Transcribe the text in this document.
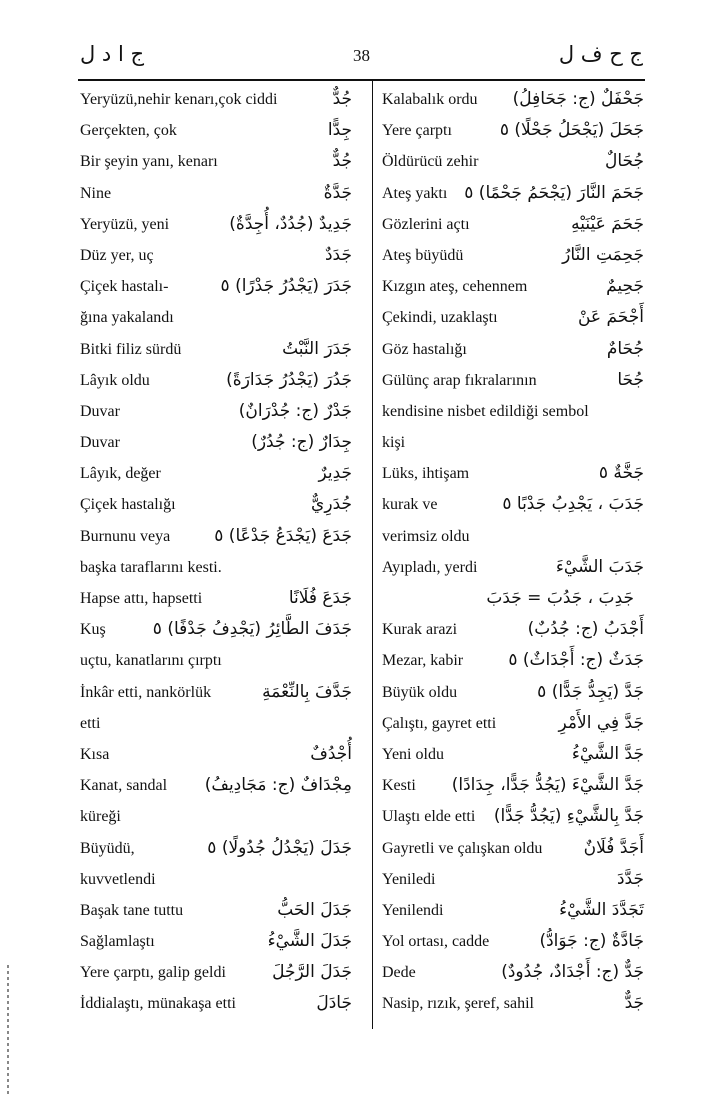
ج ا د ل	38	ج ح ف ل
Yeryüzü,nehir kenarı,çok ciddi	جُدٌّ
Gerçekten, çok	جِدًّا
Bir şeyin yanı, kenarı	جُدٌّ
Nine	جَدَّةٌ
Yeryüzü, yeni	جَدِيدٌ (جُدُدٌ، أُجِدَّةٌ)
Düz yer, uç	جَدَدٌ
Çiçek hastalı-	جَدَرَ (يَجْدُرُ جَدْرًا) ٥
ğına yakalandı
Bitki filiz sürdü	جَدَرَ النَّبْتُ
Lâyık oldu	جَدُرَ (يَجْدُرُ جَدَارَةً)
Duvar	جَدْرٌ (ج: جُدْرَانٌ)
Duvar	جِدَارٌ (ج: جُدُرٌ)
Lâyık, değer	جَدِيرٌ
Çiçek hastalığı	جُدَرِيٌّ
Burnunu veya	جَدَعَ (يَجْدَعُ جَدْعًا) ٥
başka taraflarını kesti.
Hapse attı, hapsetti	جَدَعَ فُلَانًا
Kuş	جَدَفَ الطَّائِرُ (يَجْدِفُ جَدْفًا) ٥
uçtu, kanatlarını çırptı
İnkâr etti, nankörlük	جَدَّفَ بِالنِّعْمَةِ
etti
Kısa	أُجْدُفٌ
Kanat, sandal مِجْدَافٌ (ج: مَجَادِيفُ)
küreği
Büyüdü,	جَدَلَ (يَجْدُلُ جُدُولًا) ٥
kuvvetlendi
Başak tane tuttu	جَدَلَ الحَبُّ
Sağlamlaştı	جَدَلَ الشَّيْءُ
Yere çarptı, galip geldi	جَدَلَ الرَّجُلَ
İddialaştı, münakaşa etti	جَادَلَ
Kalabalık ordu جَحْفَلٌ (ج: جَحَافِلُ)
Yere çarptı	جَحَلَ (يَجْحَلُ جَحْلًا) ٥
Öldürücü zehir	جُحَالٌ
Ateş yaktı جَحَمَ النَّارَ (يَجْحَمُ جَحْمًا) ٥
Gözlerini açtı	جَحَمَ عَيْنَيْهِ
Ateş büyüdü	جَحِمَتِ النَّارُ
Kızgın ateş, cehennem	جَحِيمٌ
Çekindi, uzaklaştı	أَجْحَمَ عَنْ
Göz hastalığı	جُحَامٌ
Gülünç arap fıkralarının	جُحَا
kendisine nisbet edildiği sembol
kişi
Lüks, ihtişam	جَخَّةٌ ٥
kurak ve	جَدَبَ ، يَجْدِبُ جَدْبًا ٥
verimsiz oldu
Ayıpladı, yerdi	جَدَبَ الشَّيْءَ
جَدِبَ ، جَدُبَ = جَدَبَ
Kurak arazi	أَجْدَبُ (ج: جُدُبٌ)
Mezar, kabir	جَدَثٌ (ج: أَجْدَاثٌ) ٥
Büyük oldu	جَدَّ (يَجِدُّ جَدًّا) ٥
Çalıştı, gayret etti	جَدَّ فِي الأَمْرِ
Yeni oldu	جَدَّ الشَّيْءُ
Kesti جَدَّ الشَّيْءَ (يَجُدُّ جَدًّا، جِدَادًا)
Ulaştı elde etti جَدَّ بِالشَّيْءِ (يَجُدُّ جَدًّا)
Gayretli ve çalışkan oldu أَجَدَّ فُلَانٌ
Yeniledi	جَدَّدَ
Yenilendi	تَجَدَّدَ الشَّيْءُ
Yol ortası, cadde	جَادَّةٌ (ج: جَوَادُّ)
Dede	جَدٌّ (ج: أَجْدَادٌ، جُدُودٌ)
Nasip, rızık, şeref, sahil	جَدٌّ
